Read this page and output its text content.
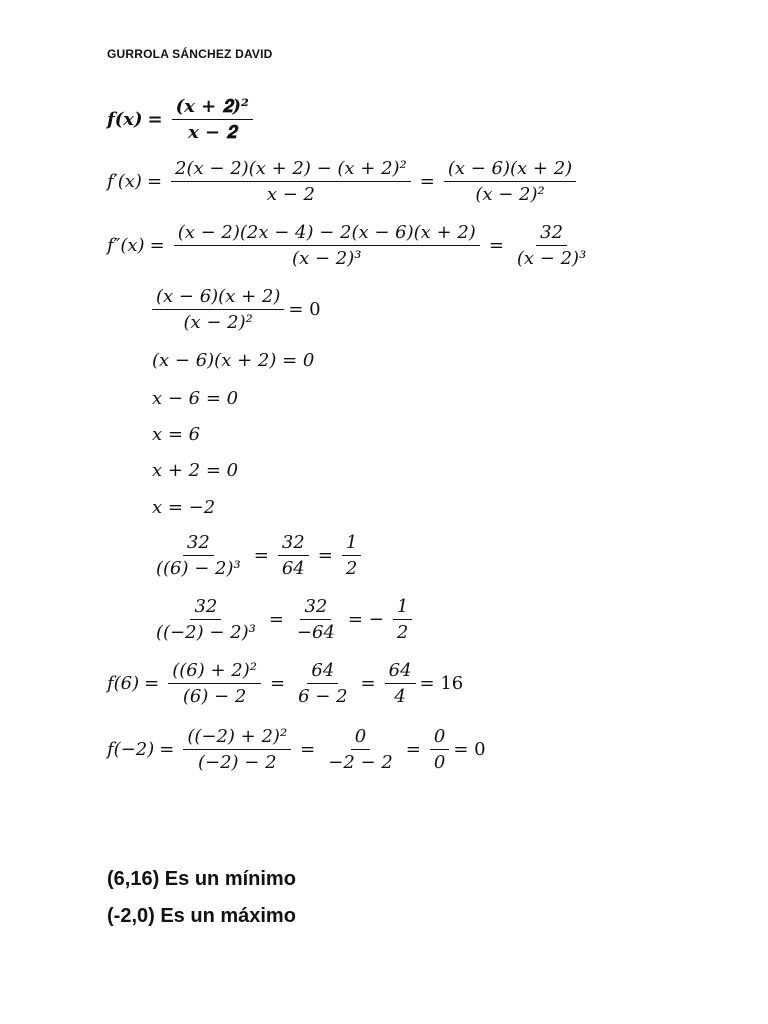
GURROLA SÁNCHEZ DAVID
𝒇(𝒙) = $\frac{\text{(𝒙 + 𝟐)²}}{\text{𝒙 − 𝟐}}$
$f'(x) = \frac{\text{2(x − 2)(x + 2) − (x + 2)²}}{x - 2} = \frac{(x - 6)(x + 2)}{\text{(x − 2)²}}$
$f''(x) = \frac{(x - 2)(2x - 4) - 2(x - 6)(x + 2)}{\text{(x − 2)³}} = \frac{32}{\text{(x − 2)³}}$
$\frac{(x - 6)(x + 2)}{\text{(x − 2)²}} = 0$
(x − 6)(x + 2) = 0
x − 6 = 0
x = 6
x + 2 = 0
x = −2
$\frac{32}{\text{((6) − 2)³}} = \frac{32}{64} = \frac{1}{2}$
$\frac{32}{\text{((−2) − 2)³}} = \frac{32}{-64}$ = − $\frac{1}{2}$
$f(6) = \frac{\text{((6) + 2)²}}{(6) - 2} = \frac{64}{6 - 2} = \frac{64}{4} = 16$
$f(-2) = \frac{\text{((−2) + 2)²}}{(-2) - 2} = \frac{0}{-2 - 2} = \frac{0}{0} = 0$
(6,16) Es un mínimo
(-2,0) Es un máximo
